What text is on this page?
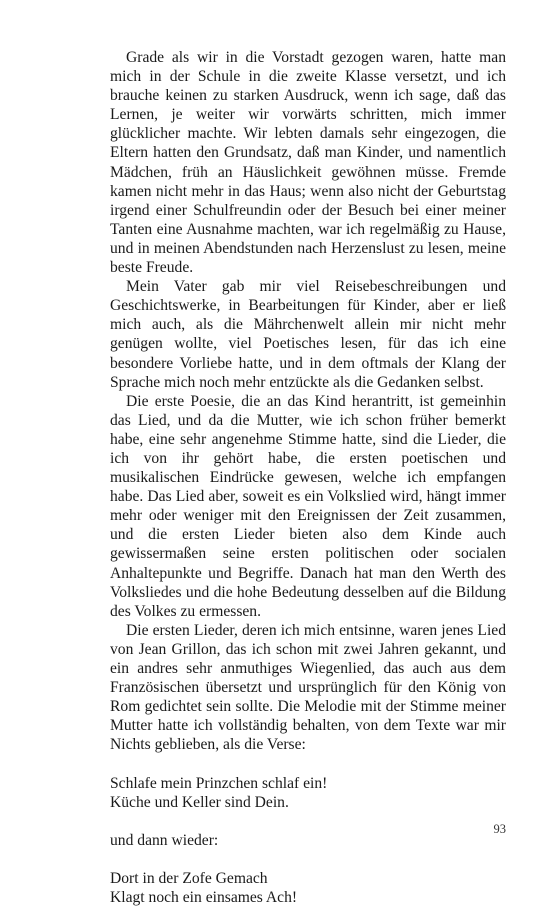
Grade als wir in die Vorstadt gezogen waren, hatte man mich in der Schule in die zweite Klasse versetzt, und ich brauche keinen zu starken Ausdruck, wenn ich sage, daß das Lernen, je weiter wir vorwärts schritten, mich immer glücklicher machte. Wir lebten damals sehr eingezogen, die Eltern hatten den Grundsatz, daß man Kinder, und namentlich Mädchen, früh an Häuslichkeit gewöhnen müsse. Fremde kamen nicht mehr in das Haus; wenn also nicht der Geburtstag irgend einer Schulfreundin oder der Besuch bei einer meiner Tanten eine Ausnahme machten, war ich regelmäßig zu Hause, und in meinen Abendstunden nach Herzenslust zu lesen, meine beste Freude.

Mein Vater gab mir viel Reisebeschreibungen und Geschichtswerke, in Bearbeitungen für Kinder, aber er ließ mich auch, als die Mährchenwelt allein mir nicht mehr genügen wollte, viel Poetisches lesen, für das ich eine besondere Vorliebe hatte, und in dem oftmals der Klang der Sprache mich noch mehr entzückte als die Gedanken selbst.

Die erste Poesie, die an das Kind herantritt, ist gemeinhin das Lied, und da die Mutter, wie ich schon früher bemerkt habe, eine sehr angenehme Stimme hatte, sind die Lieder, die ich von ihr gehört habe, die ersten poetischen und musikalischen Eindrücke gewesen, welche ich empfangen habe. Das Lied aber, soweit es ein Volkslied wird, hängt immer mehr oder weniger mit den Ereignissen der Zeit zusammen, und die ersten Lieder bieten also dem Kinde auch gewissermaßen seine ersten politischen oder socialen Anhaltepunkte und Begriffe. Danach hat man den Werth des Volksliedes und die hohe Bedeutung desselben auf die Bildung des Volkes zu ermessen.

Die ersten Lieder, deren ich mich entsinne, waren jenes Lied von Jean Grillon, das ich schon mit zwei Jahren gekannt, und ein andres sehr anmuthiges Wiegenlied, das auch aus dem Französischen übersetzt und ursprünglich für den König von Rom gedichtet sein sollte. Die Melodie mit der Stimme meiner Mutter hatte ich vollständig behalten, von dem Texte war mir Nichts geblieben, als die Verse:

Schlafe mein Prinzchen schlaf ein!

Küche und Keller sind Dein.

und dann wieder:

Dort in der Zofe Gemach

Klagt noch ein einsames Ach!

93
